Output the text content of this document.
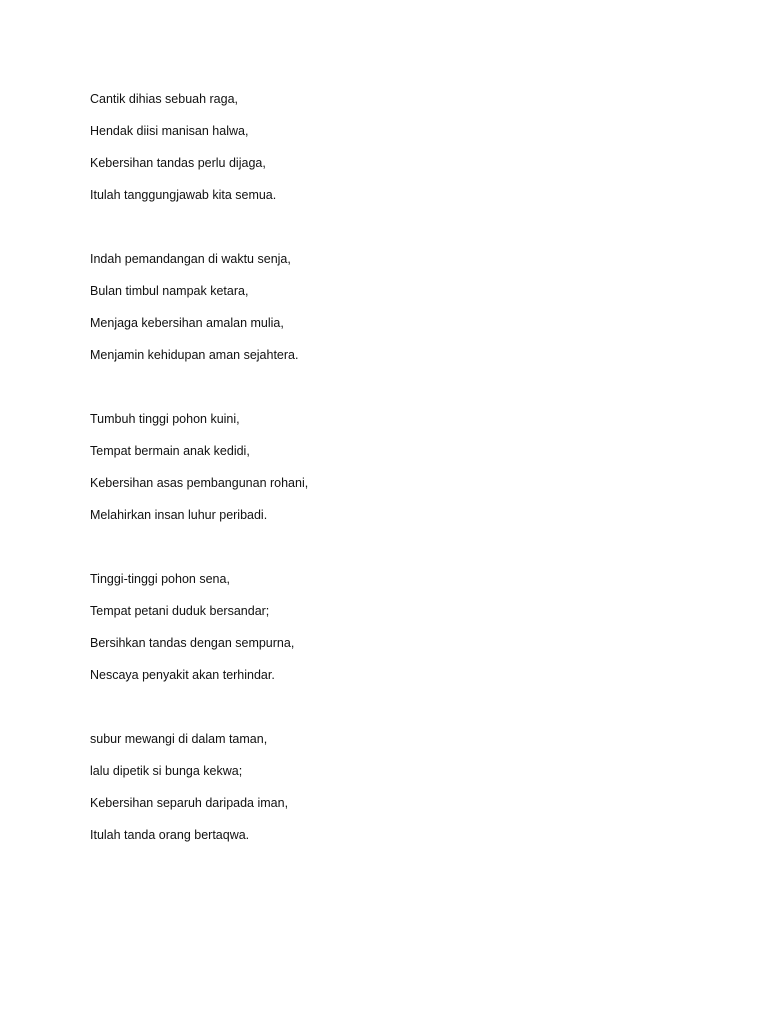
Cantik dihias sebuah raga,
Hendak diisi manisan halwa,
Kebersihan tandas perlu dijaga,
Itulah tanggungjawab kita semua.
Indah pemandangan di waktu senja,
Bulan timbul nampak ketara,
Menjaga kebersihan amalan mulia,
Menjamin kehidupan aman sejahtera.
Tumbuh tinggi pohon kuini,
Tempat bermain anak kedidi,
Kebersihan asas pembangunan rohani,
Melahirkan insan luhur peribadi.
Tinggi-tinggi pohon sena,
Tempat petani duduk bersandar;
Bersihkan tandas dengan sempurna,
Nescaya penyakit akan terhindar.
subur mewangi di dalam taman,
lalu dipetik si bunga kekwa;
Kebersihan separuh daripada iman,
Itulah tanda orang bertaqwa.
